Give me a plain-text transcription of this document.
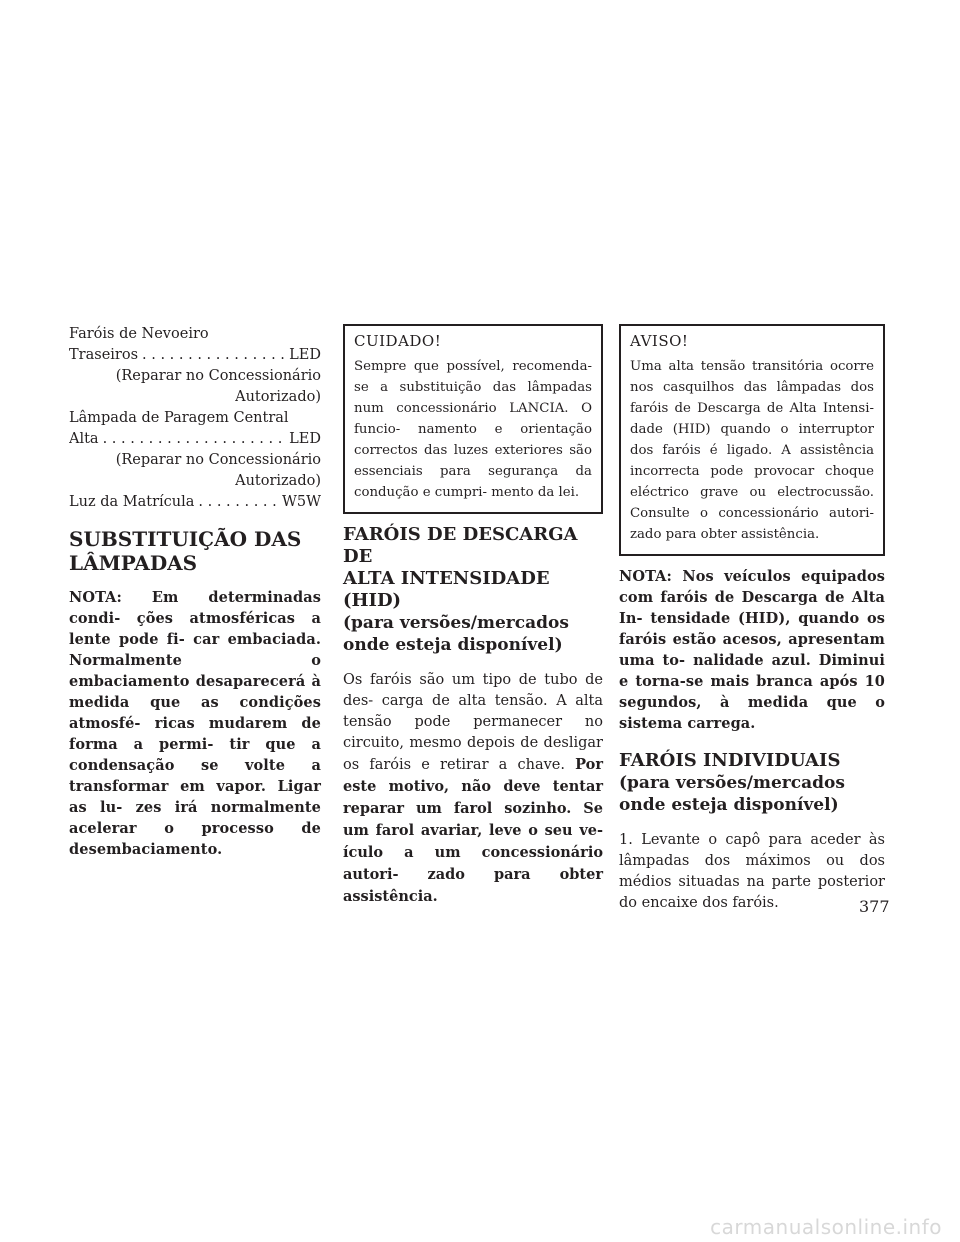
Faróis de Nevoeiro
Traseiros . . .	LED
(Reparar no Concessionário
Autorizado)
Lâmpada de Paragem Central
Alta . . .	LED
(Reparar no Concessionário
Autorizado)
Luz da Matrícula . . .	W5W
SUBSTITUIÇÃO DAS
LÂMPADAS

NOTA: Em determinadas condi- ções atmosféricas a lente pode fi- car embaciada. Normalmente o embaciamento desaparecerá à medida que as condições atmosfé- ricas mudarem de forma a permi- tir que a condensação se volte a transformar em vapor. Ligar as lu- zes irá normalmente acelerar o processo de desembaciamento.

CUIDADO!

Sempre que possível, recomenda-se a substituição das lâmpadas num concessionário LANCIA. O funcio- namento e orientação correctos das luzes exteriores são essenciais para segurança da condução e cumpri- mento da lei.

FARÓIS DE DESCARGA DE
ALTA INTENSIDADE (HID)
(para versões/mercados
onde esteja disponível)

Os faróis são um tipo de tubo de des- carga de alta tensão. A alta tensão pode permanecer no circuito, mesmo depois de desligar os faróis e retirar a chave. Por este motivo, não deve tentar reparar um farol sozinho. Se um farol avariar, leve o seu ve- ículo a um concessionário autori- zado para obter assistência.

AVISO!

Uma alta tensão transitória ocorre nos casquilhos das lâmpadas dos faróis de Descarga de Alta Intensi- dade (HID) quando o interruptor dos faróis é ligado. A assistência incorrecta pode provocar choque eléctrico grave ou electrocussão. Consulte o concessionário autori- zado para obter assistência.

NOTA: Nos veículos equipados com faróis de Descarga de Alta In- tensidade (HID), quando os faróis estão acesos, apresentam uma to- nalidade azul. Diminui e torna-se mais branca após 10 segundos, à medida que o sistema carrega.

FARÓIS INDIVIDUAIS
(para versões/mercados
onde esteja disponível)

1. Levante o capô para aceder às lâmpadas dos máximos ou dos médios situadas na parte posterior do encaixe dos faróis.	377
carmanualsonline.info
